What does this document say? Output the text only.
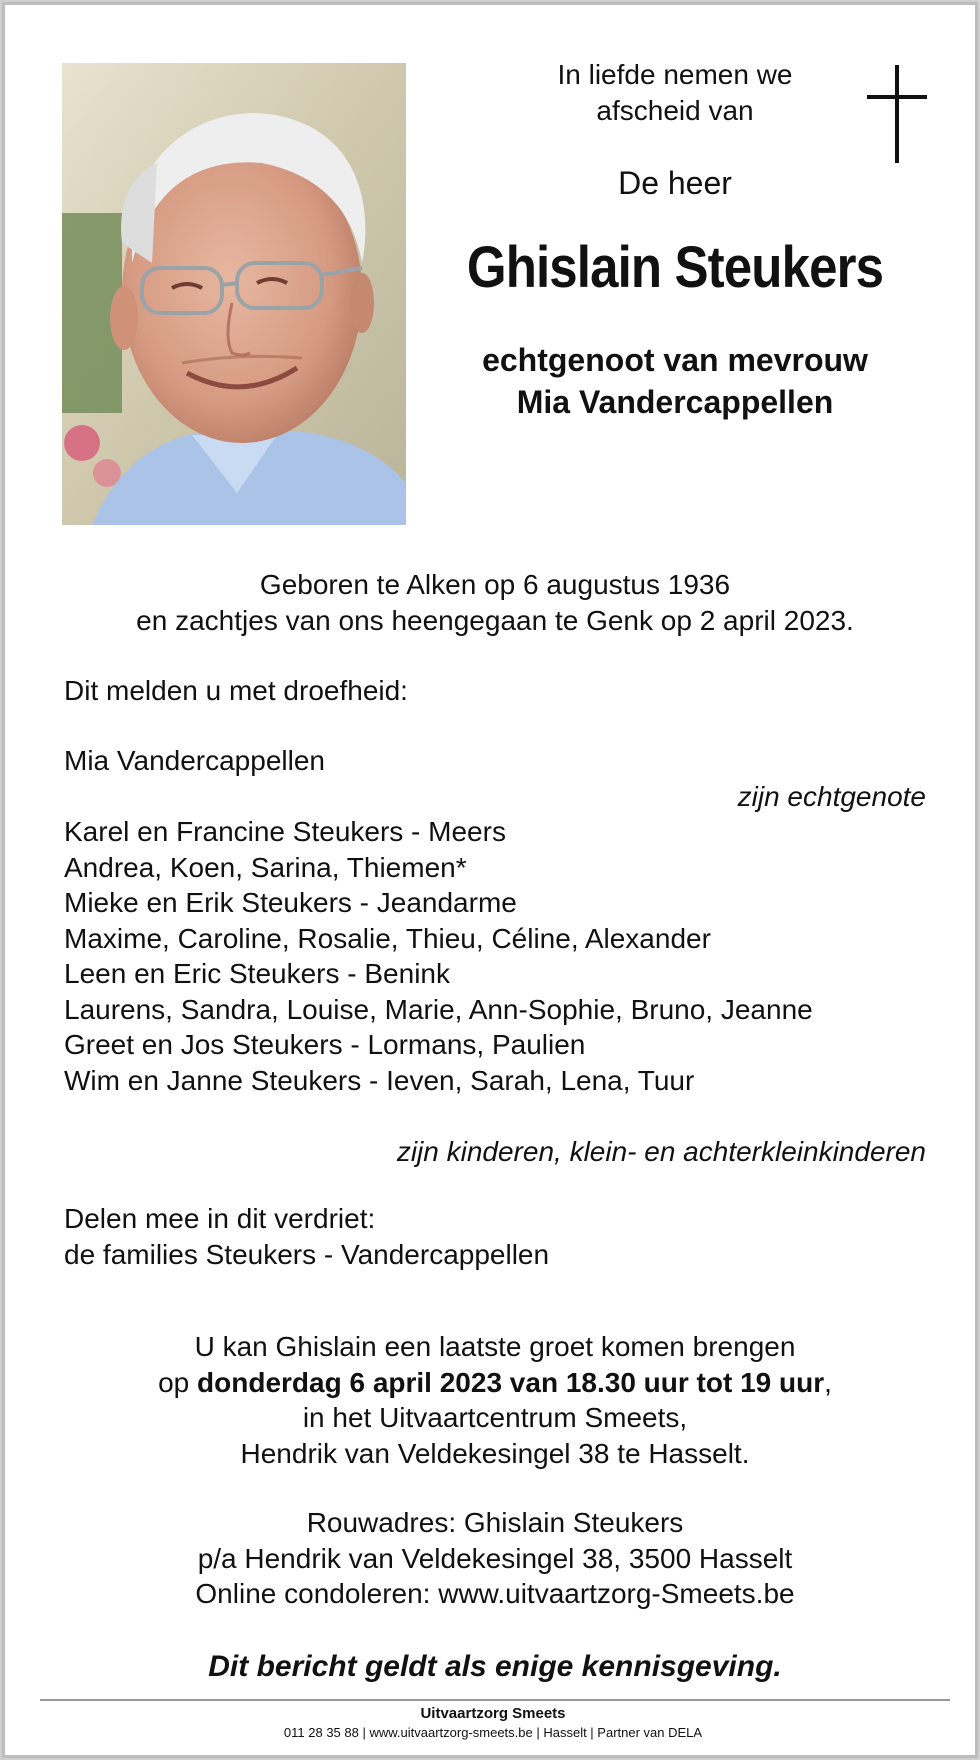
In liefde nemen we
afscheid van
De heer
Ghislain Steukers
echtgenoot van mevrouw
Mia Vandercappellen
Geboren te Alken op 6 augustus 1936
en zachtjes van ons heengegaan te Genk op 2 april 2023.
Dit melden u met droefheid:
Mia Vandercappellen
zijn echtgenote
Karel en Francine Steukers - Meers
Andrea, Koen, Sarina, Thiemen*
Mieke en Erik Steukers - Jeandarme
Maxime, Caroline, Rosalie, Thieu, Céline, Alexander
Leen en Eric Steukers - Benink
Laurens, Sandra, Louise, Marie, Ann-Sophie, Bruno, Jeanne
Greet en Jos Steukers - Lormans, Paulien
Wim en Janne Steukers - Ieven, Sarah, Lena, Tuur
zijn kinderen, klein- en achterkleinkinderen
Delen mee in dit verdriet:
de families Steukers - Vandercappellen
U kan Ghislain een laatste groet komen brengen
op donderdag 6 april 2023 van 18.30 uur tot 19 uur,
in het Uitvaartcentrum Smeets,
Hendrik van Veldekesingel 38 te Hasselt.
Rouwadres: Ghislain Steukers
p/a Hendrik van Veldekesingel 38, 3500 Hasselt
Online condoleren: www.uitvaartzorg-Smeets.be
Dit bericht geldt als enige kennisgeving.
Uitvaartzorg Smeets
011 28 35 88 | www.uitvaartzorg-smeets.be | Hasselt | Partner van DELA
